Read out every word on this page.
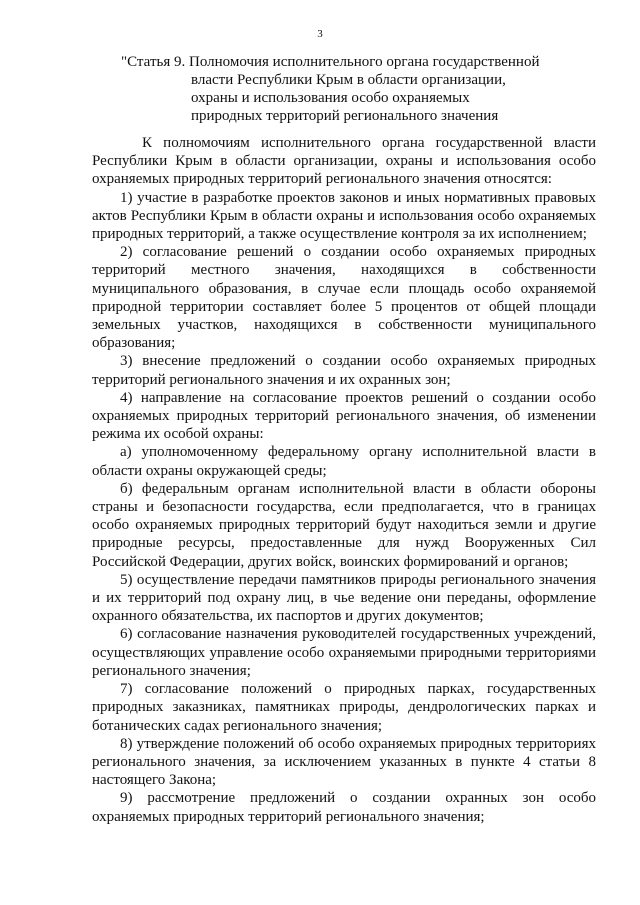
3
"Статья 9. Полномочия исполнительного органа государственной
власти Республики Крым в области организации,
охраны и использования особо охраняемых
природных территорий регионального значения

К полномочиям исполнительного органа государственной власти Республики Крым в области организации, охраны и использования особо охраняемых природных территорий регионального значения относятся:

1) участие в разработке проектов законов и иных нормативных правовых актов Республики Крым в области охраны и использования особо охраняемых природных территорий, а также осуществление контроля за их исполнением;

2) согласование решений о создании особо охраняемых природных территорий местного значения, находящихся в собственности муниципального образования, в случае если площадь особо охраняемой природной территории составляет более 5 процентов от общей площади земельных участков, находящихся в собственности муниципального образования;

3) внесение предложений о создании особо охраняемых природных территорий регионального значения и их охранных зон;

4) направление на согласование проектов решений о создании особо охраняемых природных территорий регионального значения, об изменении режима их особой охраны:

а) уполномоченному федеральному органу исполнительной власти в области охраны окружающей среды;

б) федеральным органам исполнительной власти в области обороны страны и безопасности государства, если предполагается, что в границах особо охраняемых природных территорий будут находиться земли и другие природные ресурсы, предоставленные для нужд Вооруженных Сил Российской Федерации, других войск, воинских формирований и органов;

5) осуществление передачи памятников природы регионального значения и их территорий под охрану лиц, в чье ведение они переданы, оформление охранного обязательства, их паспортов и других документов;

6) согласование назначения руководителей государственных учреждений, осуществляющих управление особо охраняемыми природными территориями регионального значения;

7) согласование положений о природных парках, государственных природных заказниках, памятниках природы, дендрологических парках и ботанических садах регионального значения;

8) утверждение положений об особо охраняемых природных территориях регионального значения, за исключением указанных в пункте 4 статьи 8 настоящего Закона;

9) рассмотрение предложений о создании охранных зон особо охраняемых природных территорий регионального значения;
